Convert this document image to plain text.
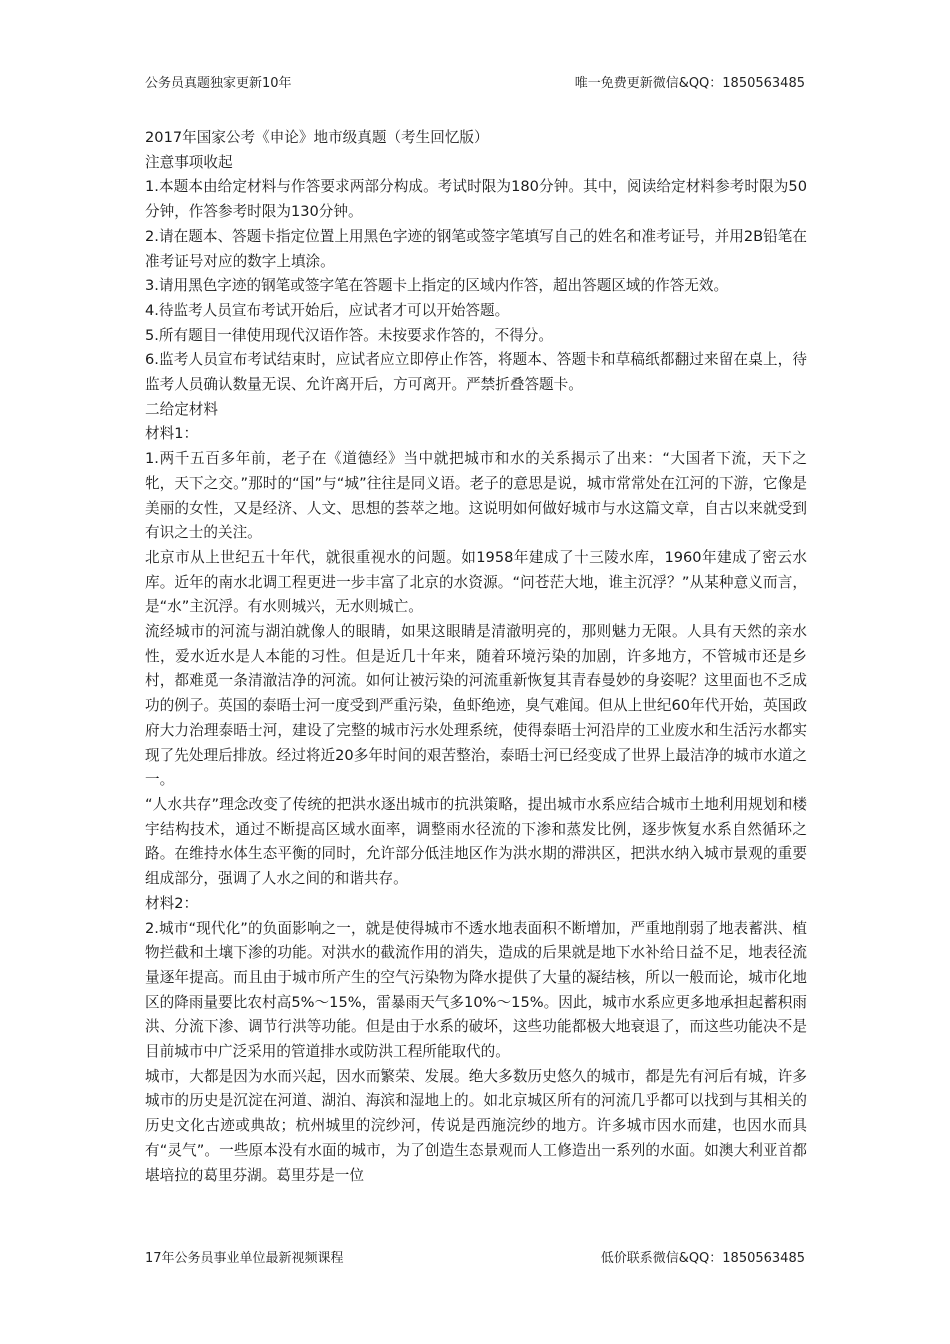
公务员真题独家更新10年	唯一免费更新微信&QQ：1850563485

2017年国家公考《申论》地市级真题（考生回忆版）

注意事项收起

1.本题本由给定材料与作答要求两部分构成。考试时限为180分钟。其中，阅读给定材料参考时限为50分钟，作答参考时限为130分钟。

2.请在题本、答题卡指定位置上用黑色字迹的钢笔或签字笔填写自己的姓名和准考证号，并用2B铅笔在准考证号对应的数字上填涂。

3.请用黑色字迹的钢笔或签字笔在答题卡上指定的区域内作答，超出答题区域的作答无效。

4.待监考人员宣布考试开始后，应试者才可以开始答题。

5.所有题目一律使用现代汉语作答。未按要求作答的，不得分。

6.监考人员宣布考试结束时，应试者应立即停止作答，将题本、答题卡和草稿纸都翻过来留在桌上，待监考人员确认数量无误、允许离开后，方可离开。严禁折叠答题卡。

二给定材料

材料1：

1.两千五百多年前，老子在《道德经》当中就把城市和水的关系揭示了出来：“大国者下流，天下之牝，天下之交。”那时的“国”与“城”往往是同义语。老子的意思是说，城市常常处在江河的下游，它像是美丽的女性，又是经济、人文、思想的荟萃之地。这说明如何做好城市与水这篇文章，自古以来就受到有识之士的关注。

北京市从上世纪五十年代，就很重视水的问题。如1958年建成了十三陵水库，1960年建成了密云水库。近年的南水北调工程更进一步丰富了北京的水资源。“问苍茫大地，谁主沉浮？”从某种意义而言，是“水”主沉浮。有水则城兴，无水则城亡。

流经城市的河流与湖泊就像人的眼睛，如果这眼睛是清澈明亮的，那则魅力无限。人具有天然的亲水性，爱水近水是人本能的习性。但是近几十年来，随着环境污染的加剧，许多地方，不管城市还是乡村，都难觅一条清澈洁净的河流。如何让被污染的河流重新恢复其青春曼妙的身姿呢？这里面也不乏成功的例子。英国的泰晤士河一度受到严重污染，鱼虾绝迹，臭气难闻。但从上世纪60年代开始，英国政府大力治理泰晤士河，建设了完整的城市污水处理系统，使得泰晤士河沿岸的工业废水和生活污水都实现了先处理后排放。经过将近20多年时间的艰苦整治，泰晤士河已经变成了世界上最洁净的城市水道之一。

“人水共存”理念改变了传统的把洪水逐出城市的抗洪策略，提出城市水系应结合城市土地利用规划和楼宇结构技术，通过不断提高区域水面率，调整雨水径流的下渗和蒸发比例，逐步恢复水系自然循环之路。在维持水体生态平衡的同时，允许部分低洼地区作为洪水期的滞洪区，把洪水纳入城市景观的重要组成部分，强调了人水之间的和谐共存。

材料2：

2.城市“现代化”的负面影响之一，就是使得城市不透水地表面积不断增加，严重地削弱了地表蓄洪、植物拦截和土壤下渗的功能。对洪水的截流作用的消失，造成的后果就是地下水补给日益不足，地表径流量逐年提高。而且由于城市所产生的空气污染物为降水提供了大量的凝结核，所以一般而论，城市化地区的降雨量要比农村高5%～15%，雷暴雨天气多10%～15%。因此，城市水系应更多地承担起蓄积雨洪、分流下渗、调节行洪等功能。但是由于水系的破坏，这些功能都极大地衰退了，而这些功能决不是目前城市中广泛采用的管道排水或防洪工程所能取代的。

城市，大都是因为水而兴起，因水而繁荣、发展。绝大多数历史悠久的城市，都是先有河后有城，许多城市的历史是沉淀在河道、湖泊、海滨和湿地上的。如北京城区所有的河流几乎都可以找到与其相关的历史文化古迹或典故；杭州城里的浣纱河，传说是西施浣纱的地方。许多城市因水而建，也因水而具有“灵气”。一些原本没有水面的城市，为了创造生态景观而人工修造出一系列的水面。如澳大利亚首都堪培拉的葛里芬湖。葛里芬是一位

17年公务员事业单位最新视频课程	低价联系微信&QQ：1850563485
